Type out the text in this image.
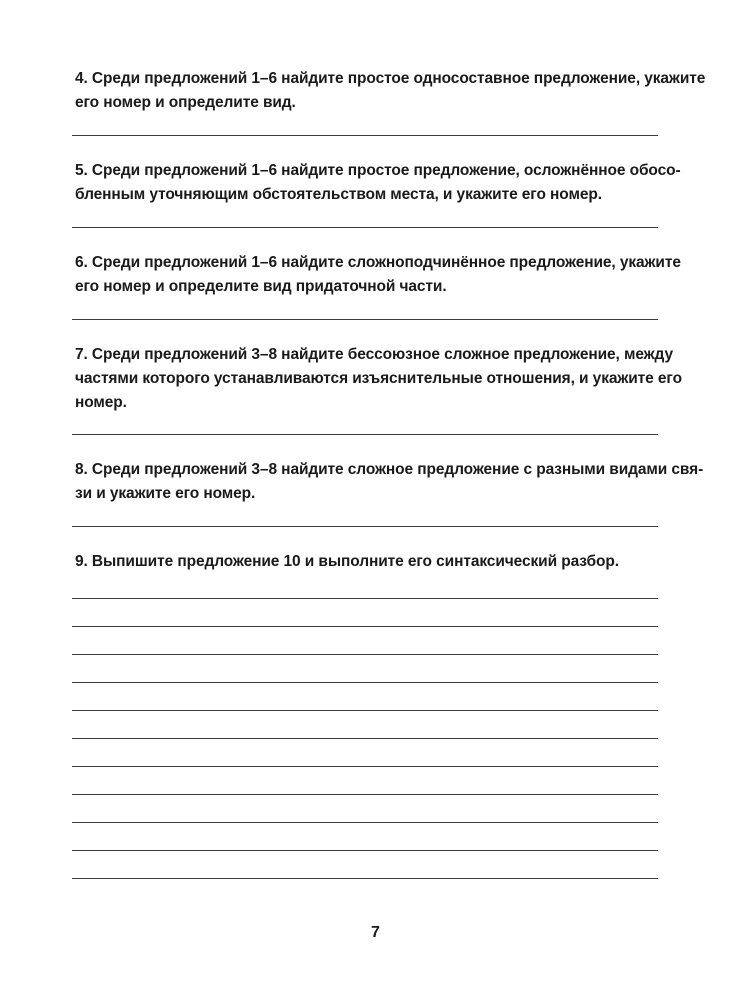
4. Среди предложений 1–6 найдите простое односоставное предложение, укажите
его номер и определите вид.
5. Среди предложений 1–6 найдите простое предложение, осложнённое обосо-
бленным уточняющим обстоятельством места, и укажите его номер.
6. Среди предложений 1–6 найдите сложноподчинённое предложение, укажите
его номер и определите вид придаточной части.
7. Среди предложений 3–8 найдите бессоюзное сложное предложение, между
частями которого устанавливаются изъяснительные отношения, и укажите его
номер.
8. Среди предложений 3–8 найдите сложное предложение с разными видами свя-
зи и укажите его номер.
9. Выпишите предложение 10 и выполните его синтаксический разбор.
7
